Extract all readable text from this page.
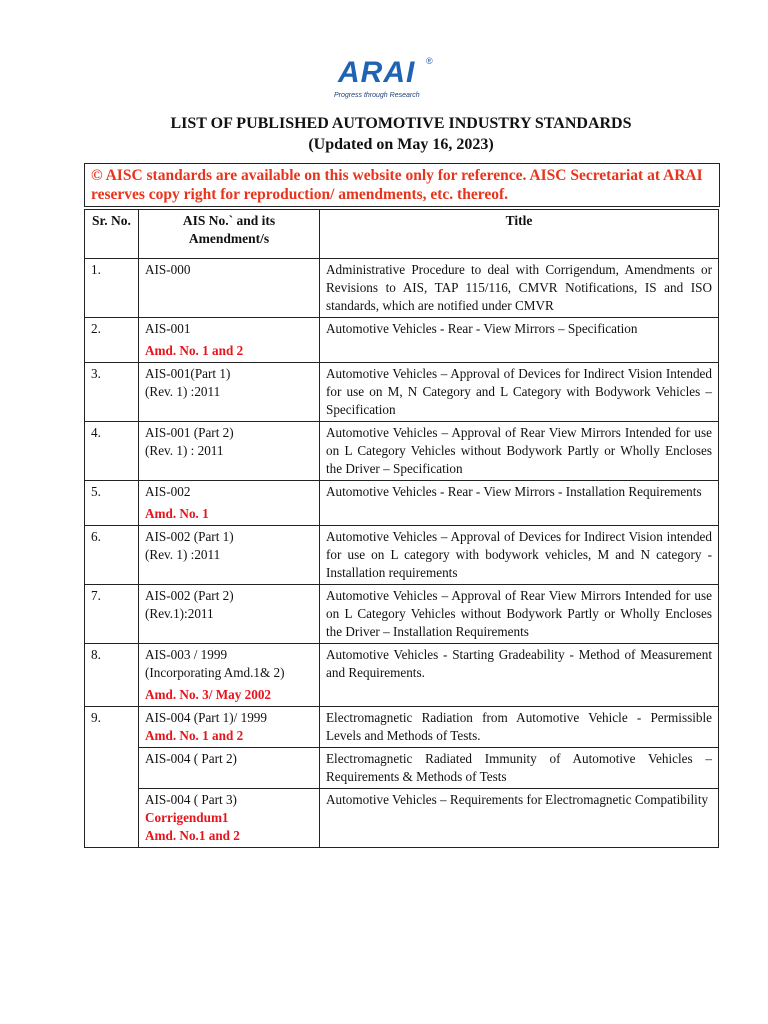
ARAI ®
Progress through Research
LIST OF PUBLISHED AUTOMOTIVE INDUSTRY STANDARDS
(Updated on May 16, 2023)
© AISC standards are available on this website only for reference. AISC Secretariat at ARAI reserves copy right for reproduction/ amendments, etc. thereof.
Sr. No.	AIS No.` and its Amendment/s	Title
1.	AIS-000	Administrative Procedure to deal with Corrigendum, Amendments or Revisions to AIS, TAP 115/116, CMVR Notifications, IS and ISO standards, which are notified under CMVR
2.	AIS-001
Amd. No. 1 and 2	Automotive Vehicles - Rear - View Mirrors – Specification
3.	AIS-001(Part 1)
(Rev. 1) :2011	Automotive Vehicles – Approval of Devices for Indirect Vision Intended for use on M, N Category and L Category with Bodywork Vehicles – Specification
4.	AIS-001 (Part 2)
(Rev. 1) : 2011	Automotive Vehicles – Approval of Rear View Mirrors Intended for use on L Category Vehicles without Bodywork Partly or Wholly Encloses the Driver – Specification
5.	AIS-002
Amd. No. 1	Automotive Vehicles - Rear - View Mirrors - Installation Requirements
6.	AIS-002 (Part 1)
(Rev. 1) :2011	Automotive Vehicles – Approval of Devices for Indirect Vision intended for use on L category with bodywork vehicles, M and N category - Installation requirements
7.	AIS-002 (Part 2)
(Rev.1):2011	Automotive Vehicles – Approval of Rear View Mirrors Intended for use on L Category Vehicles without Bodywork Partly or Wholly Encloses the Driver – Installation Requirements
8.	AIS-003 / 1999
(Incorporating Amd.1& 2)
Amd. No. 3/ May 2002	Automotive Vehicles - Starting Gradeability - Method of Measurement and Requirements.
9.	AIS-004 (Part 1)/ 1999
Amd. No. 1 and 2	Electromagnetic Radiation from Automotive Vehicle - Permissible Levels and Methods of Tests.

	AIS-004 ( Part 2)	Electromagnetic Radiated Immunity of Automotive Vehicles – Requirements & Methods of Tests

	AIS-004 ( Part 3)
Corrigendum1
Amd. No.1 and 2	Automotive Vehicles – Requirements for Electromagnetic Compatibility
